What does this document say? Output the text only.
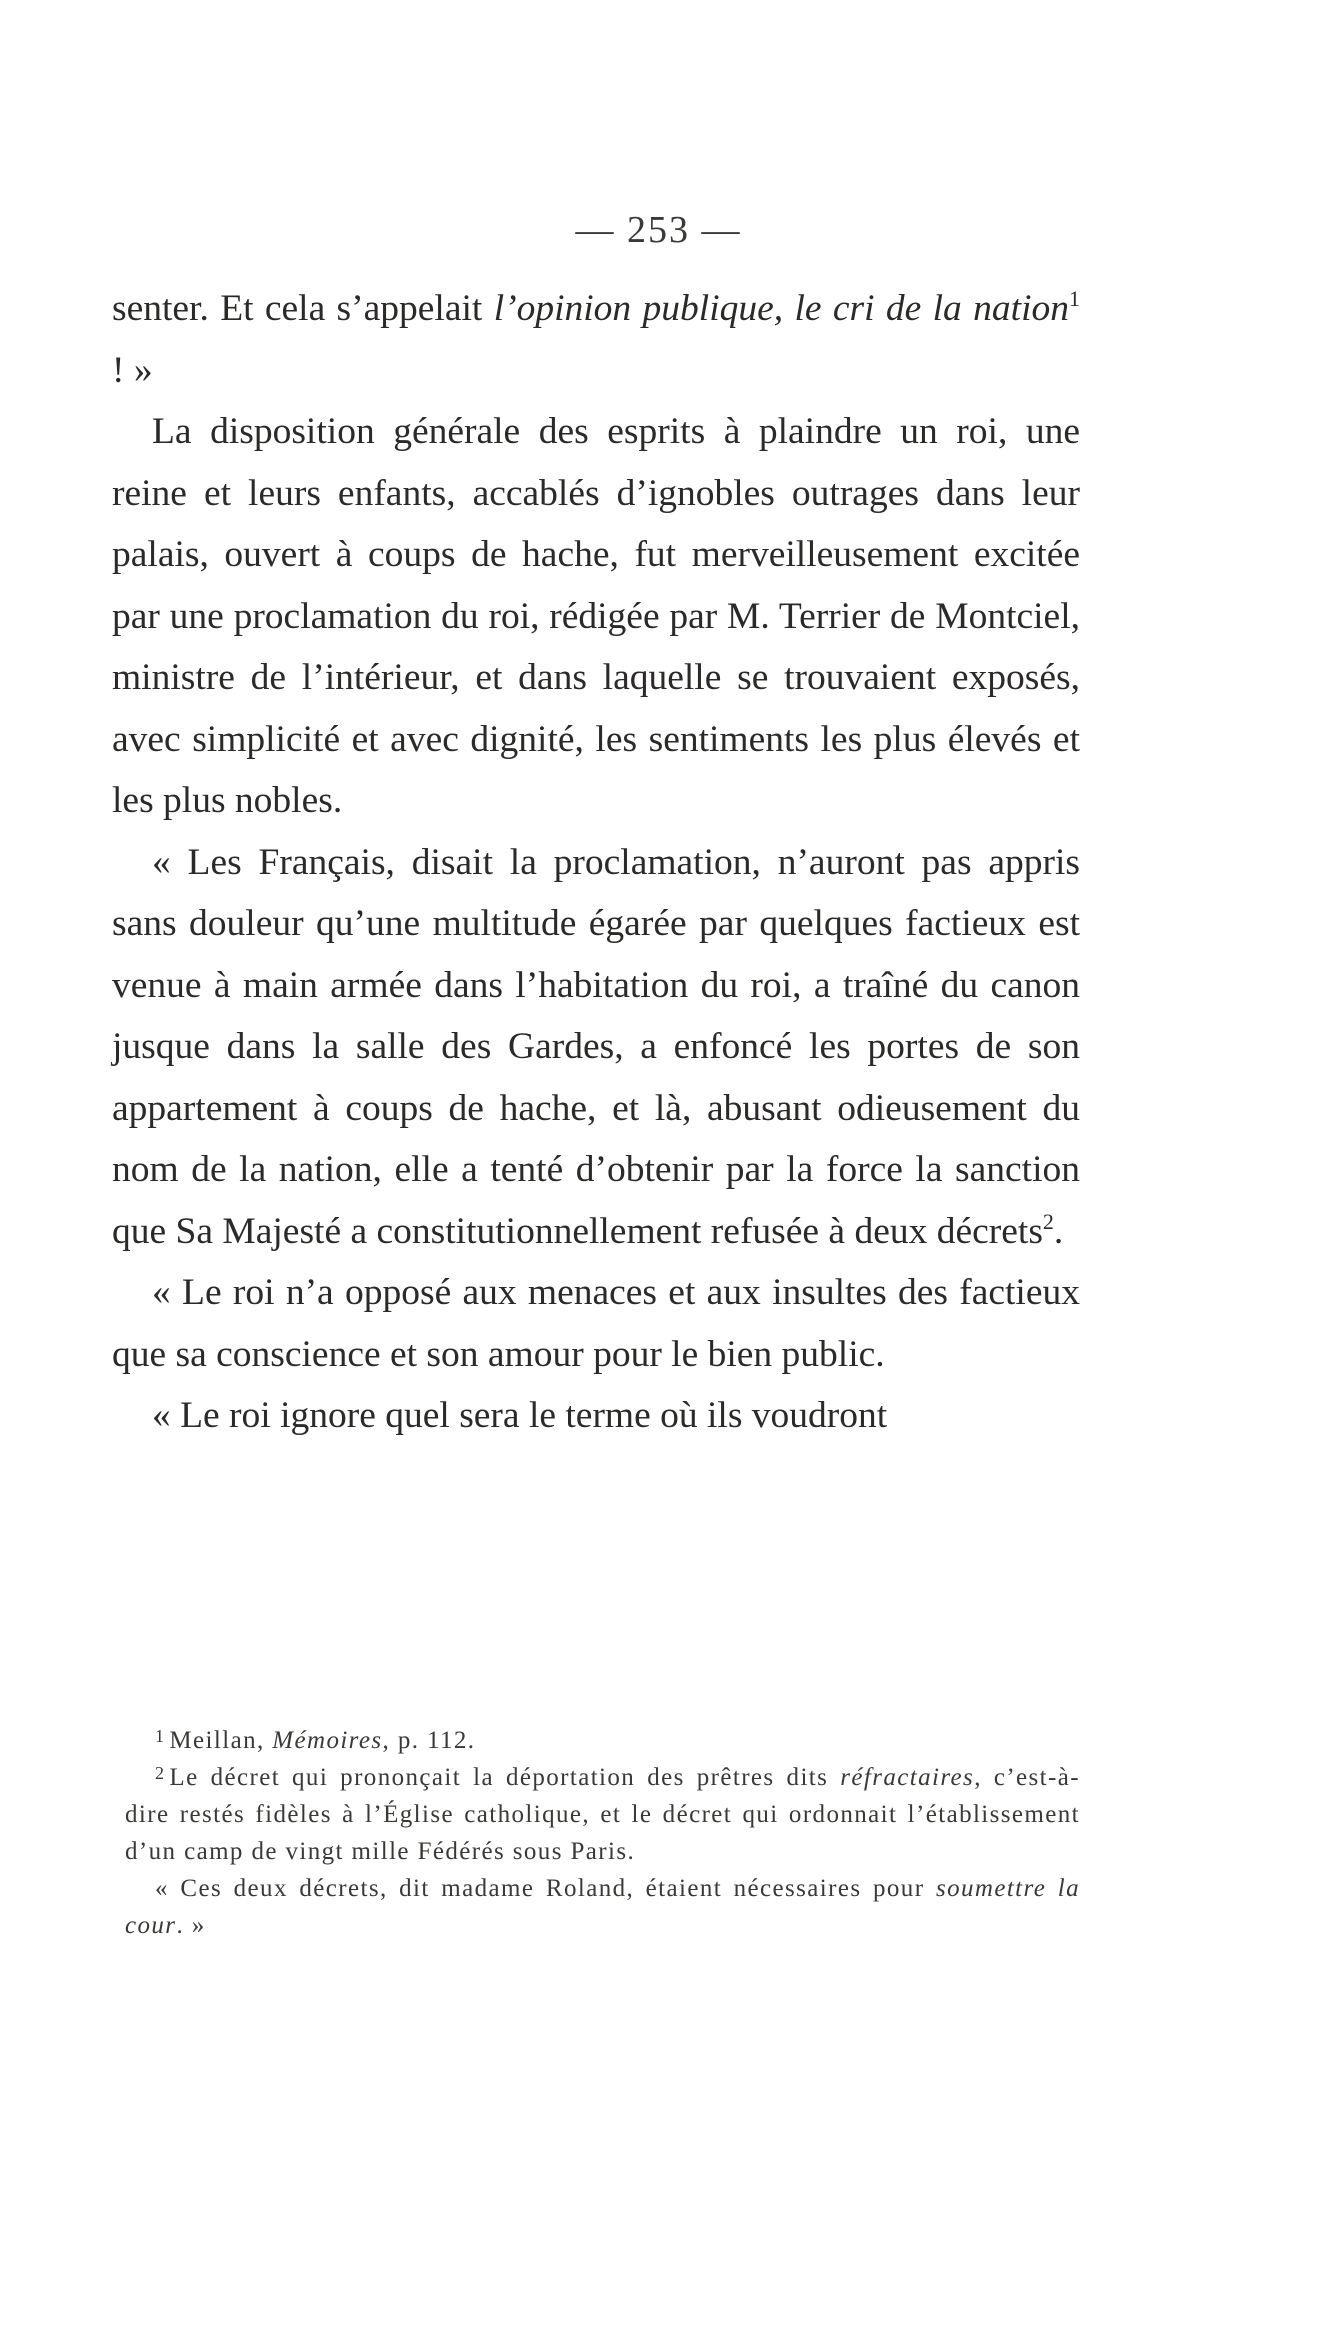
— 253 —

senter. Et cela s’appelait l’opinion publique, le cri de la nation$^1$ ! »

La disposition générale des esprits à plaindre un roi, une reine et leurs enfants, accablés d’ignobles outrages dans leur palais, ouvert à coups de hache, fut merveilleusement excitée par une proclamation du roi, rédigée par M. Terrier de Montciel, ministre de l’intérieur, et dans laquelle se trouvaient exposés, avec simplicité et avec dignité, les sentiments les plus élevés et les plus nobles.

« Les Français, disait la proclamation, n’auront pas appris sans douleur qu’une multitude égarée par quelques factieux est venue à main armée dans l’habitation du roi, a traîné du canon jusque dans la salle des Gardes, a enfoncé les portes de son appartement à coups de hache, et là, abusant odieusement du nom de la nation, elle a tenté d’obtenir par la force la sanction que Sa Majesté a constitutionnellement refusée à deux décrets$^2$.

« Le roi n’a opposé aux menaces et aux insultes des factieux que sa conscience et son amour pour le bien public.

« Le roi ignore quel sera le terme où ils voudront

$^1$ Meillan, Mémoires, p. 112.

$^2$ Le décret qui prononçait la déportation des prêtres dits réfractaires, c’est-à-dire restés fidèles à l’Église catholique, et le décret qui ordonnait l’établissement d’un camp de vingt mille Fédérés sous Paris.

« Ces deux décrets, dit madame Roland, étaient nécessaires pour soumettre la cour. »
